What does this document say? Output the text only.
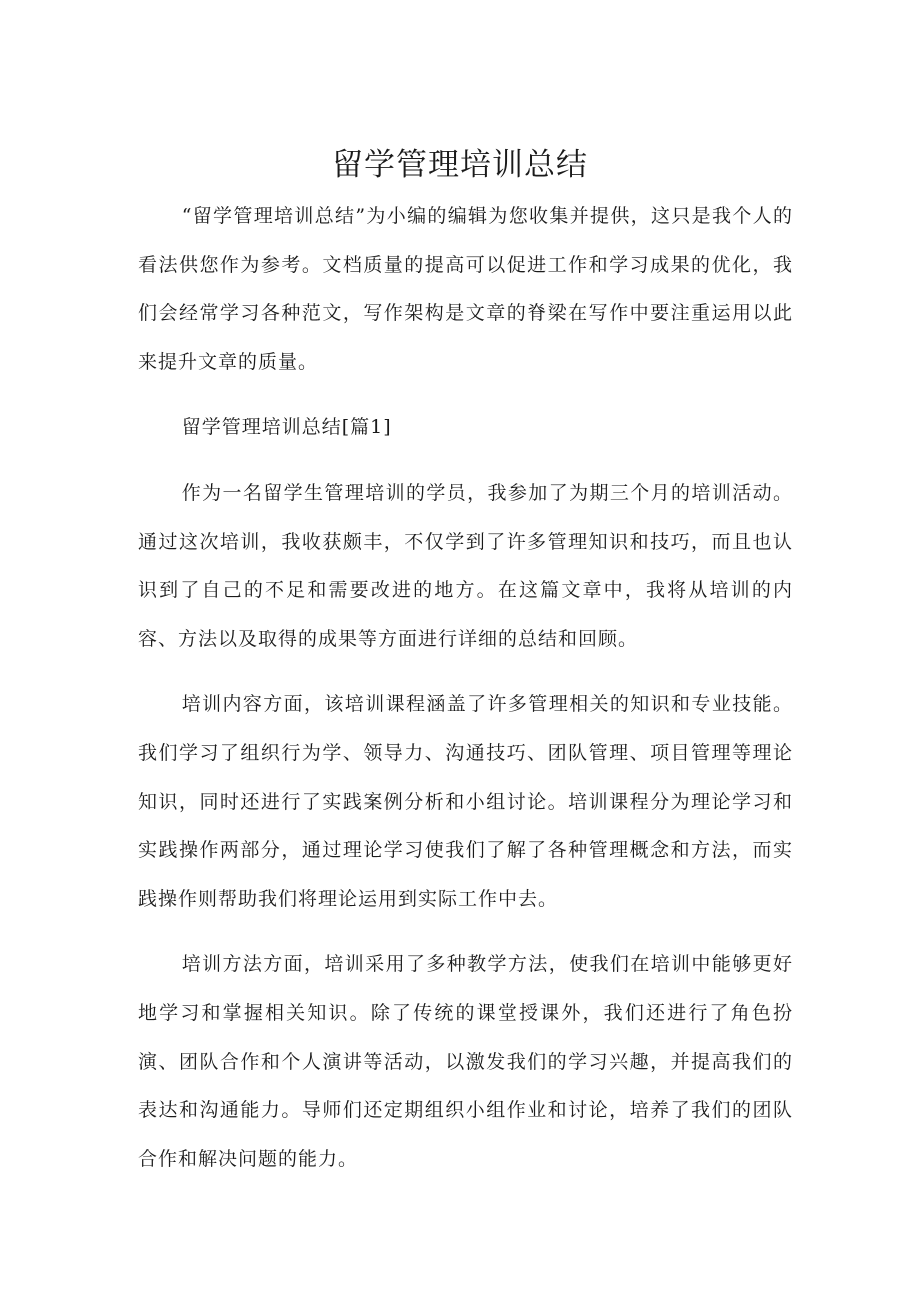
留学管理培训总结

“留学管理培训总结”为小编的编辑为您收集并提供，这只是我个人的看法供您作为参考。文档质量的提高可以促进工作和学习成果的优化，我们会经常学习各种范文，写作架构是文章的脊梁在写作中要注重运用以此来提升文章的质量。

留学管理培训总结[篇1]

作为一名留学生管理培训的学员，我参加了为期三个月的培训活动。通过这次培训，我收获颇丰，不仅学到了许多管理知识和技巧，而且也认识到了自己的不足和需要改进的地方。在这篇文章中，我将从培训的内容、方法以及取得的成果等方面进行详细的总结和回顾。

培训内容方面，该培训课程涵盖了许多管理相关的知识和专业技能。我们学习了组织行为学、领导力、沟通技巧、团队管理、项目管理等理论知识，同时还进行了实践案例分析和小组讨论。培训课程分为理论学习和实践操作两部分，通过理论学习使我们了解了各种管理概念和方法，而实践操作则帮助我们将理论运用到实际工作中去。

培训方法方面，培训采用了多种教学方法，使我们在培训中能够更好地学习和掌握相关知识。除了传统的课堂授课外，我们还进行了角色扮演、团队合作和个人演讲等活动，以激发我们的学习兴趣，并提高我们的表达和沟通能力。导师们还定期组织小组作业和讨论，培养了我们的团队合作和解决问题的能力。
